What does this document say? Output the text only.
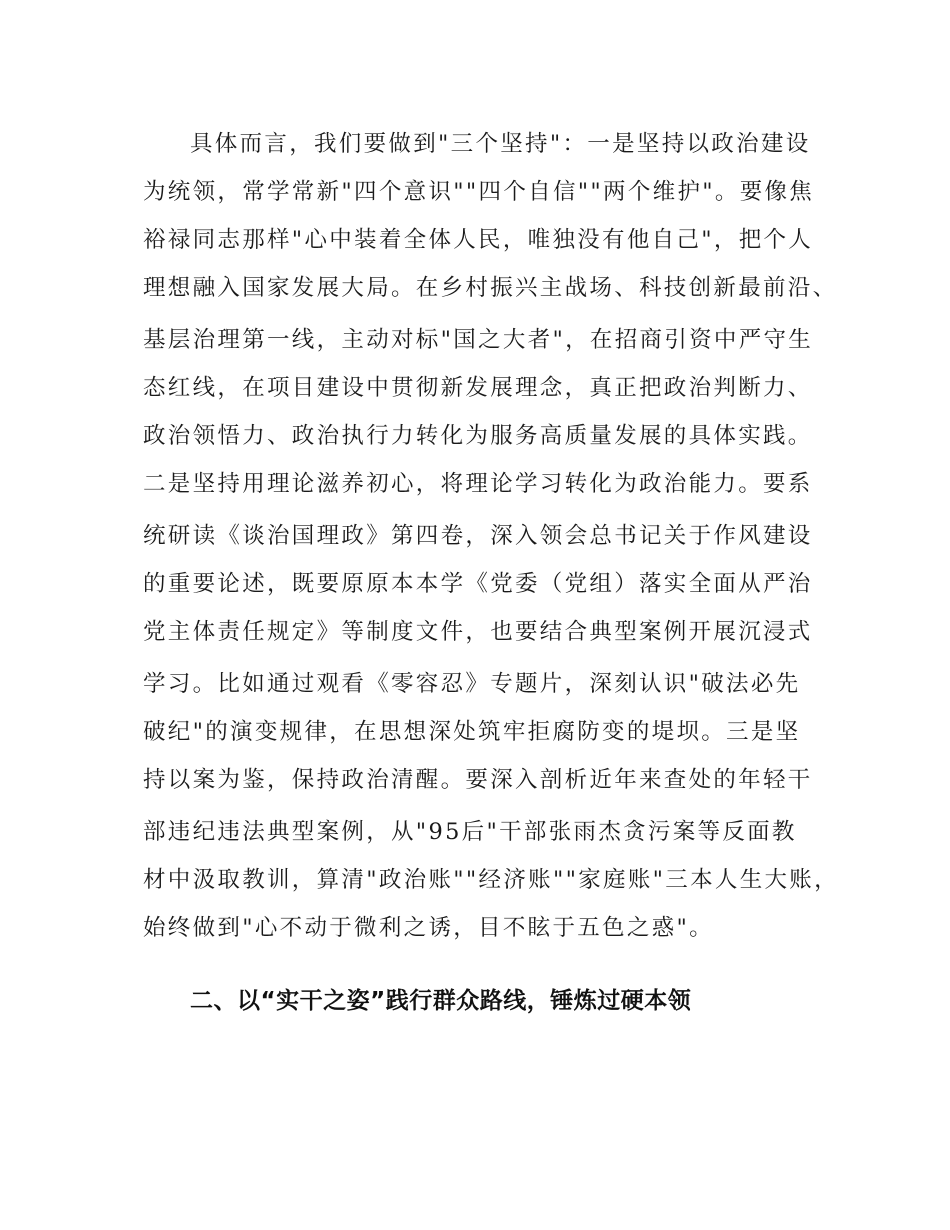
具体而言，我们要做到"三个坚持"：一是坚持以政治建设
为统领，常学常新"四个意识""四个自信""两个维护"。要像焦
裕禄同志那样"心中装着全体人民，唯独没有他自己"，把个人
理想融入国家发展大局。在乡村振兴主战场、科技创新最前沿、
基层治理第一线，主动对标"国之大者"，在招商引资中严守生
态红线，在项目建设中贯彻新发展理念，真正把政治判断力、
政治领悟力、政治执行力转化为服务高质量发展的具体实践。
二是坚持用理论滋养初心，将理论学习转化为政治能力。要系
统研读《谈治国理政》第四卷，深入领会总书记关于作风建设
的重要论述，既要原原本本学《党委（党组）落实全面从严治
党主体责任规定》等制度文件，也要结合典型案例开展沉浸式
学习。比如通过观看《零容忍》专题片，深刻认识"破法必先
破纪"的演变规律，在思想深处筑牢拒腐防变的堤坝。三是坚
持以案为鉴，保持政治清醒。要深入剖析近年来查处的年轻干
部违纪违法典型案例，从"95后"干部张雨杰贪污案等反面教
材中汲取教训，算清"政治账""经济账""家庭账"三本人生大账，
始终做到"心不动于微利之诱，目不眩于五色之惑"。
二、以“实干之姿”践行群众路线，锤炼过硬本领
